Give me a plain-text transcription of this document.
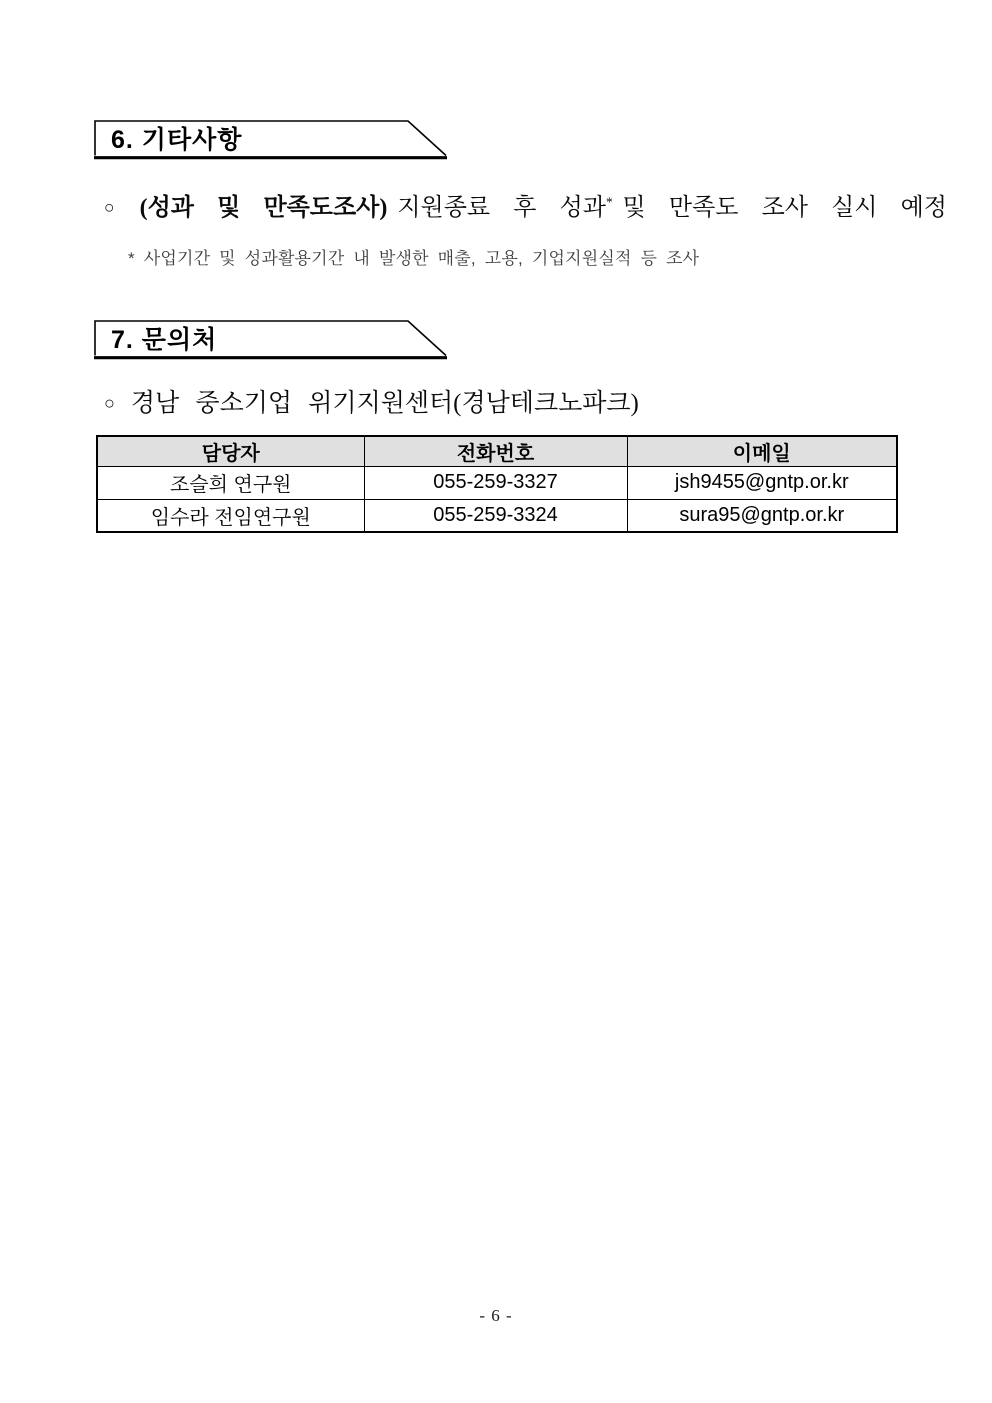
6. 기타사항

○ (성과 및 만족도조사) 지원종료 후 성과* 및 만족도 조사 실시 예정

* 사업기간 및 성과활용기간 내 발생한 매출, 고용, 기업지원실적 등 조사

7. 문의처

○ 경남 중소기업 위기지원센터(경남테크노파크)

담당자	전화번호	이메일
조슬희 연구원	055-259-3327	jsh9455@gntp.or.kr
임수라 전임연구원	055-259-3324	sura95@gntp.or.kr
- 6 -
